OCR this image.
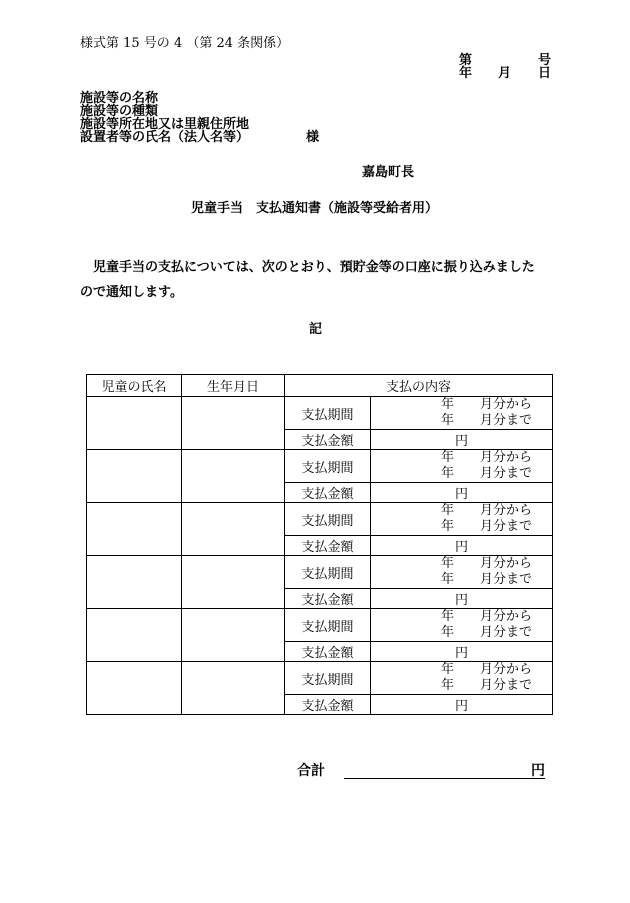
様式第 15 号の 4 （第 24 条関係）
第	号
年 月 日
施設等の名称
施設等の種類
施設等所在地又は里親住所地
設置者等の氏名（法人名等）	様
嘉島町長
児童手当　支払通知書（施設等受給者用）
児童手当の支払については、次のとおり、預貯金等の口座に振り込みました
ので通知します。
記
児童の氏名	生年月日	支払の内容	
		支払期間	年　　月分から
年　　月分まで

		支払金額	円
		支払期間	年　　月分から
年　　月分まで

		支払金額	円
		支払期間	年　　月分から
年　　月分まで

		支払金額	円
		支払期間	年　　月分から
年　　月分まで

		支払金額	円
		支払期間	年　　月分から
年　　月分まで

		支払金額	円
		支払期間	年　　月分から
年　　月分まで

		支払金額	円
合計	円
